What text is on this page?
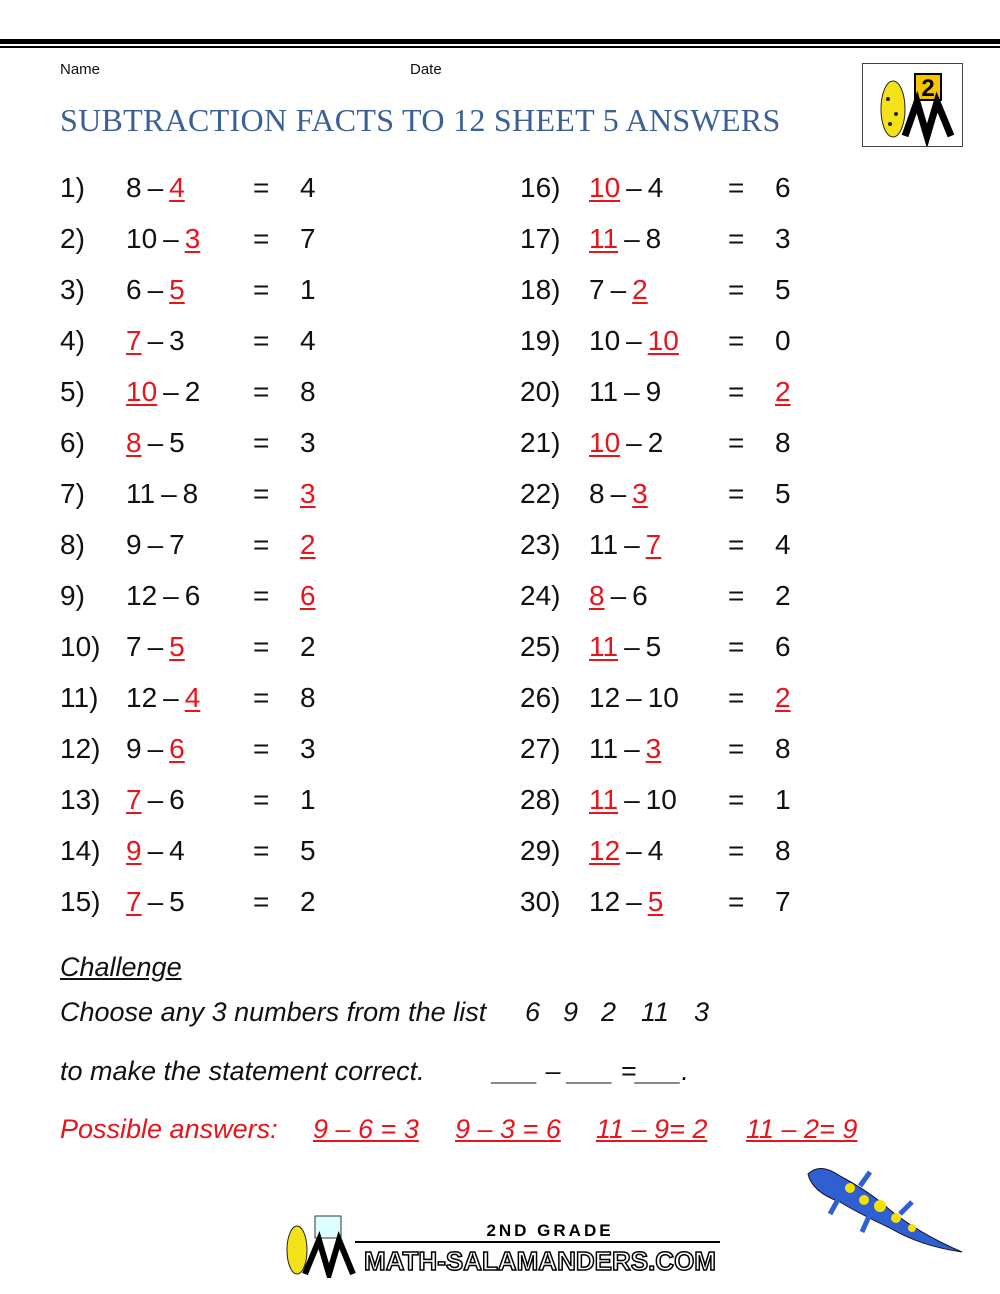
Name	Date
SUBTRACTION FACTS TO 12 SHEET 5 ANSWERS
2
1) 8 – 4 = 4
2) 10 – 3 = 7
3) 6 – 5 = 1
4) 7 – 3 = 4
5) 10 – 2 = 8
6) 8 – 5 = 3
7) 11 – 8 = 3
8) 9 – 7 = 2
9) 12 – 6 = 6
10) 7 – 5 = 2
11) 12 – 4 = 8
12) 9 – 6 = 3
13) 7 – 6 = 1
14) 9 – 4 = 5
15) 7 – 5 = 2
16) 10 – 4 = 6
17) 11 – 8 = 3
18) 7 – 2	= 5
19) 10 – 10 = 0
20) 11 – 9 = 2
21) 10 – 2 = 8
22) 8 – 3	= 5
23) 11 – 7 = 4
24) 8 – 6	= 2
25) 11 – 5 = 6
26) 12 – 10 = 2
27) 11 – 3 = 8
28) 11 – 10 = 1
29) 12 – 4 = 8
30) 12 – 5 = 7
Challenge
Choose any 3 numbers from the list 6 9 2 11 3
to make the statement correct.	___ – ___ =___.
Possible answers: 9 – 6 = 3 9 – 3 = 6 11 – 9= 2 11 – 2= 9
2ND GRADE
MATH-SALAMANDERS.COM
